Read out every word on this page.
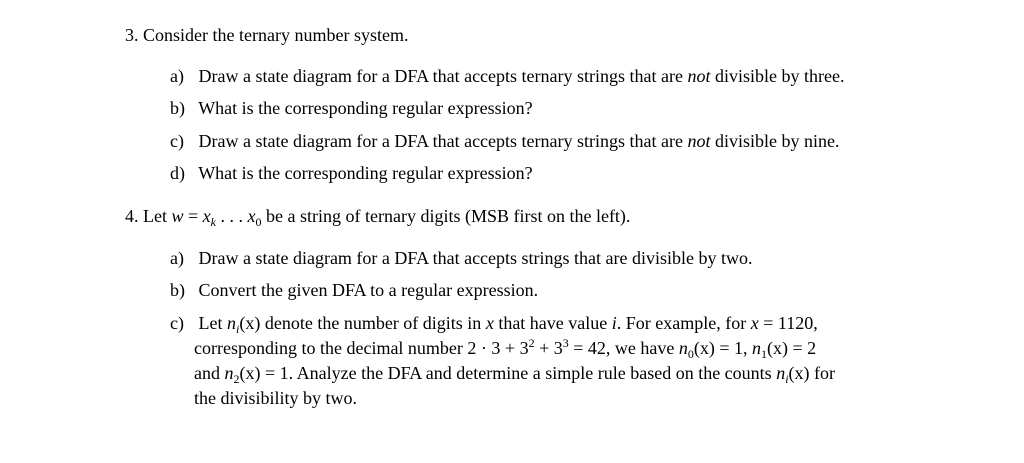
3. Consider the ternary number system.
a) Draw a state diagram for a DFA that accepts ternary strings that are not divisible by three.
b) What is the corresponding regular expression?
c) Draw a state diagram for a DFA that accepts ternary strings that are not divisible by nine.
d) What is the corresponding regular expression?
4. Let $w = x_k$ . . . $x_0$ be a string of ternary digits (MSB first on the left).
a) Draw a state diagram for a DFA that accepts strings that are divisible by two.
b) Convert the given DFA to a regular expression.
c) Let $n_i(x)$ denote the number of digits in x that have value i. For example, for x = 1120,
corresponding to the decimal number $2 \cdot 3 + 3^2 + 3^3 = 42$, we have $n_0(x) = 1$, $n_1(x) = 2$
and $n_2(x) = 1$. Analyze the DFA and determine a simple rule based on the counts $n_i(x)$ for
the divisibility by two.
